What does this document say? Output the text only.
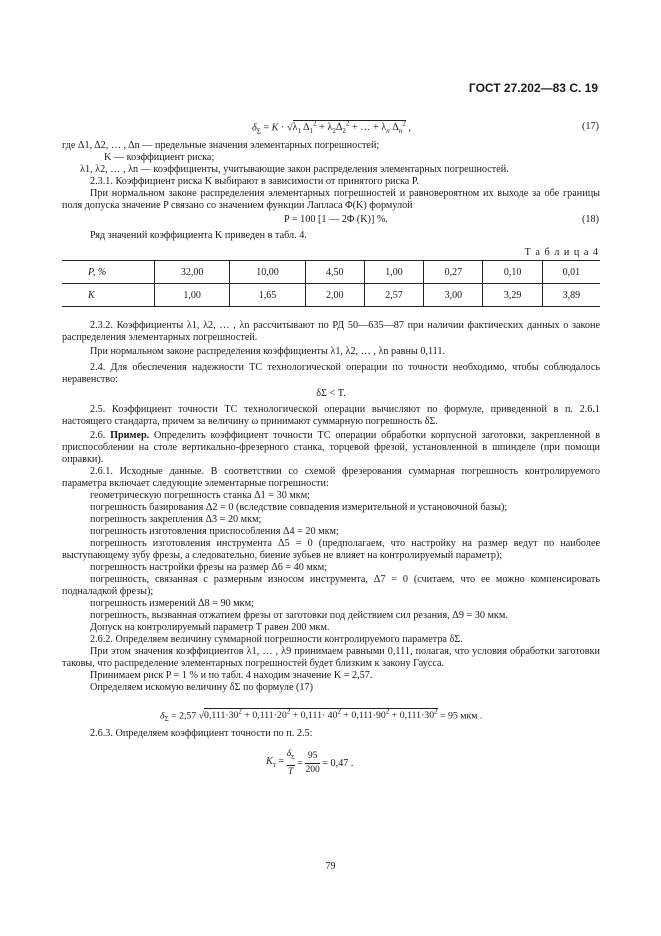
ГОСТ 27.202—83 С. 19
$\delta_\Sigma = K \cdot √\lambda_1$ $\Delta_1^2 + \lambda_2\Delta_2^2$ + … + $\lambda_n$ $\Delta_n^2$ ,	(17)
где Δ1, Δ2, … , Δn — предельные значения элементарных погрешностей;
K — коэффициент риска;
λ1, λ2, … , λn — коэффициенты, учитывающие закон распределения элементарных погрешностей.
2.3.1. Коэффициент риска K выбирают в зависимости от принятого риска P.
При нормальном законе распределения элементарных погрешностей и равновероятном их выходе за обе границы поля допуска значение P связано со значением функции Лапласа Φ(K) формулой
P = 100 [1 — 2Φ (K)] %.	(18)
Ряд значений коэффициента K приведен в табл. 4.
Т а б л и ц а 4
P, %	32,00	10,00	4,50	1,00	0,27	0,10	0,01
K	1,00	1,65	2,00	2,57	3,00	3,29	3,89
2.3.2. Коэффициенты λ1, λ2, … , λn рассчитывают по РД 50—635—87 при наличии фактических данных о законе распределения элементарных погрешностей.
При нормальном законе распределения коэффициенты λ1, λ2, … , λn равны 0,111.
2.4. Для обеспечения надежности ТС технологической операции по точности необходимо, чтобы соблюдалось неравенство:
δΣ < T.
2.5. Коэффициент точности ТС технологической операции вычисляют по формуле, приведенной в п. 2.6.1 настоящего стандарта, причем за величину ω принимают суммарную погрешность δΣ.
2.6. Пример. Определить коэффициент точности ТС операции обработки корпусной заготовки, закрепленной в приспособлении на столе вертикально-фрезерного станка, торцевой фрезой, установленной в шпинделе (при помощи оправки).
2.6.1. Исходные данные. В соответствии со схемой фрезерования суммарная погрешность контролируемого параметра включает следующие элементарные погрешности:
геометрическую погрешность станка Δ1 = 30 мкм;
погрешность базирования Δ2 = 0 (вследствие совпадения измерительной и установочной базы);
погрешность закрепления Δ3 = 20 мкм;
погрешность изготовления приспособления Δ4 = 20 мкм;
погрешность изготовления инструмента Δ5 = 0 (предполагаем, что настройку на размер ведут по наиболее выступающему зубу фрезы, а следовательно, биение зубьев не влияет на контролируемый параметр);
погрешность настройки фрезы на размер Δ6 = 40 мкм;
погрешность, связанная с размерным износом инструмента, Δ7 = 0 (считаем, что ее можно компенсировать подналадкой фрезы);
погрешность измерений Δ8 = 90 мкм;
погрешность, вызванная отжатием фрезы от заготовки под действием сил резания, Δ9 = 30 мкм.
Допуск на контролируемый параметр T равен 200 мкм.
2.6.2. Определяем величину суммарной погрешности контролируемого параметра δΣ.
При этом значения коэффициентов λ1, … , λ9 принимаем равными 0,111, полагая, что условия обработки заготовки таковы, что распределение элементарных погрешностей будет близким к закону Гаусса.
Принимаем риск P = 1 % и по табл. 4 находим значение K = 2,57.
Определяем искомую величину δΣ по формуле (17)
$\delta_\Sigma = 2,57$ $√0,111\cdot 30^2 + 0,111\cdot 20^2 + 0,111\cdot 40^2 + 0,111\cdot 90^2 + 0,111\cdot 30^2 = 95$ мкм .
2.6.3. Определяем коэффициент точности по п. 2.5:
$K_т = \frac{\delta_\Sigma}{T} = \frac{95}{200} = 0,47$ .
79
